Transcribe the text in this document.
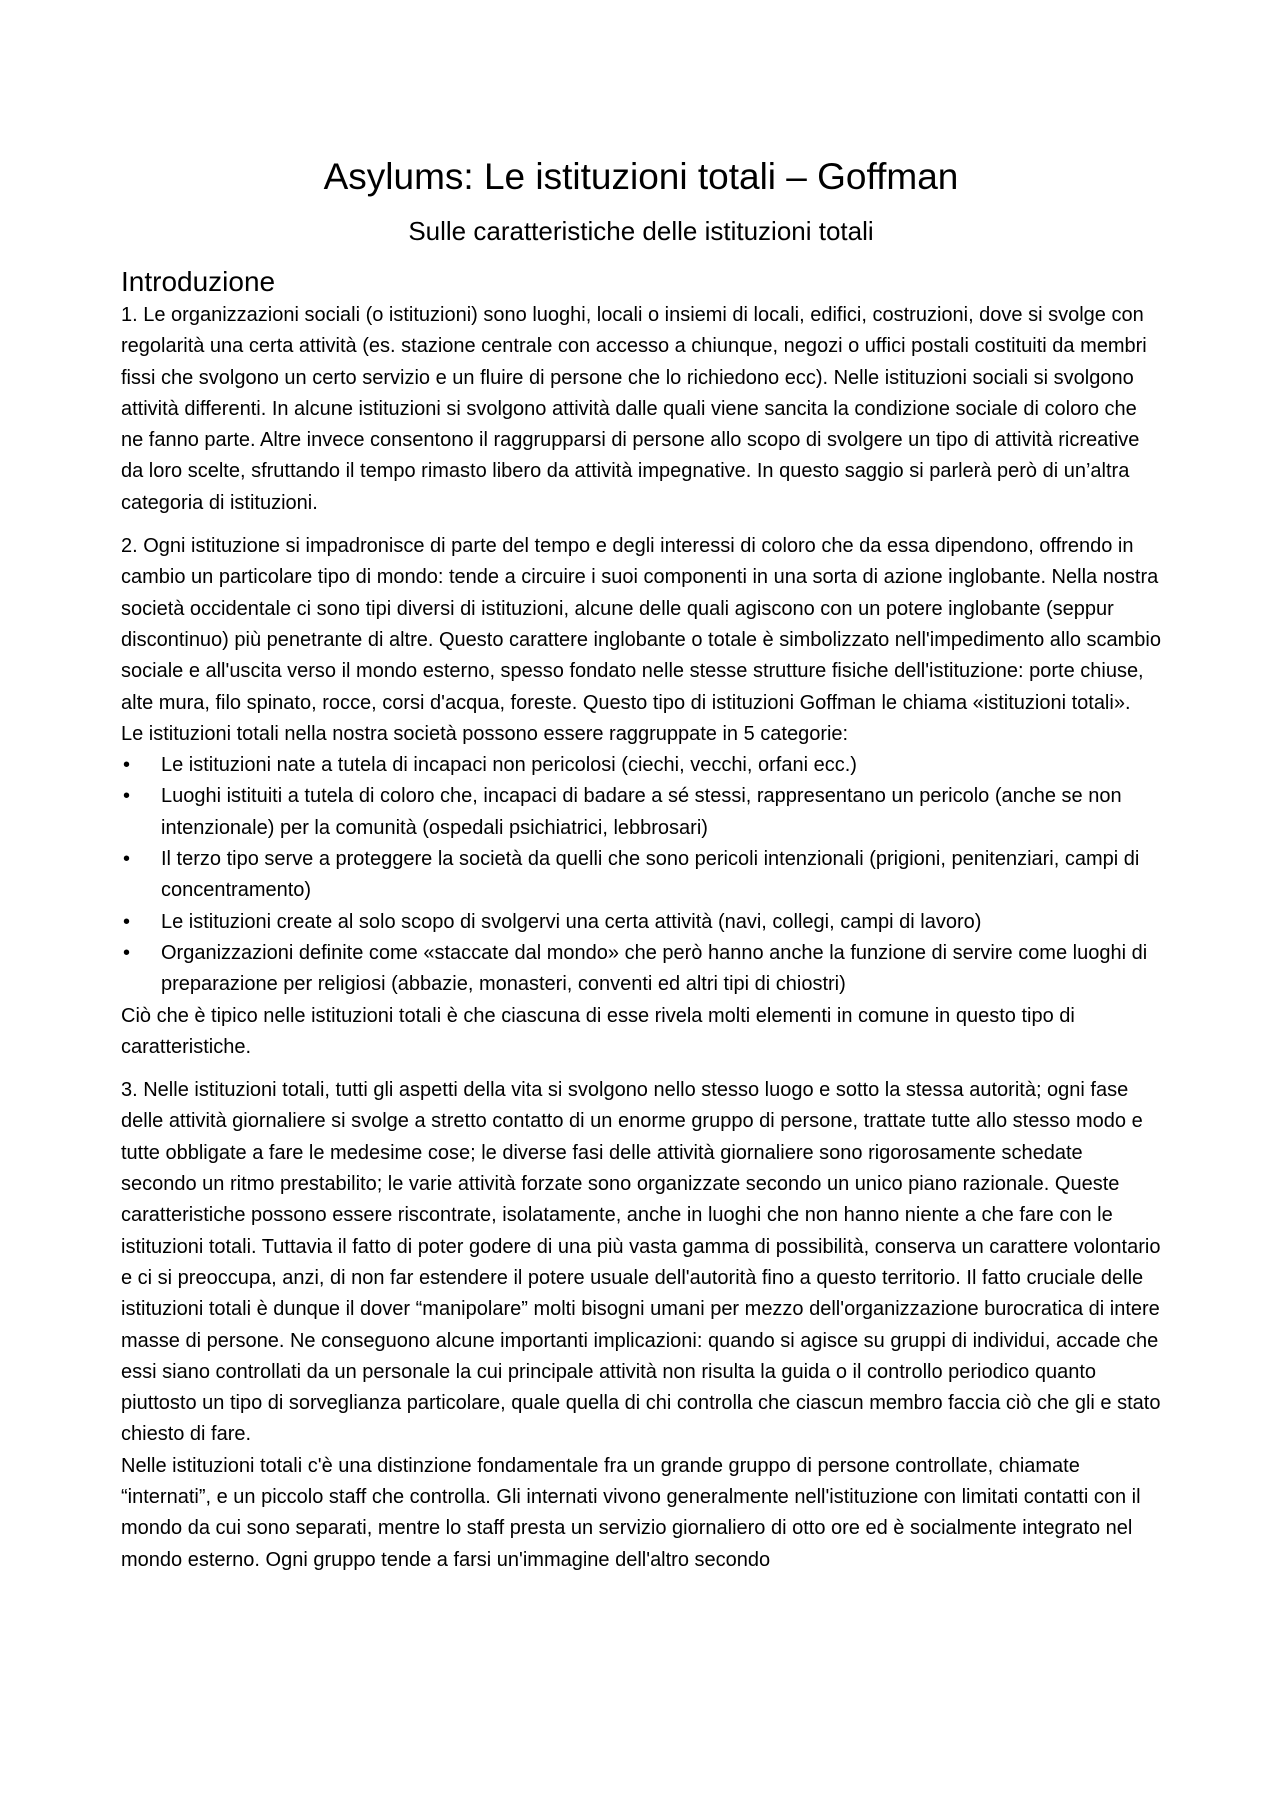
Asylums: Le istituzioni totali – Goffman
Sulle caratteristiche delle istituzioni totali
Introduzione

1. Le organizzazioni sociali (o istituzioni) sono luoghi, locali o insiemi di locali, edifici, costruzioni, dove si svolge con regolarità una certa attività (es. stazione centrale con accesso a chiunque, negozi o uffici postali costituiti da membri fissi che svolgono un certo servizio e un fluire di persone che lo richiedono ecc). Nelle istituzioni sociali si svolgono attività differenti. In alcune istituzioni si svolgono attività dalle quali viene sancita la condizione sociale di coloro che ne fanno parte. Altre invece consentono il raggrupparsi di persone allo scopo di svolgere un tipo di attività ricreative da loro scelte, sfruttando il tempo rimasto libero da attività impegnative. In questo saggio si parlerà però di un’altra categoria di istituzioni.

2. Ogni istituzione si impadronisce di parte del tempo e degli interessi di coloro che da essa dipendono, offrendo in cambio un particolare tipo di mondo: tende a circuire i suoi componenti in una sorta di azione inglobante. Nella nostra società occidentale ci sono tipi diversi di istituzioni, alcune delle quali agiscono con un potere inglobante (seppur discontinuo) più penetrante di altre. Questo carattere inglobante o totale è simbolizzato nell'impedimento allo scambio sociale e all'uscita verso il mondo esterno, spesso fondato nelle stesse strutture fisiche dell'istituzione: porte chiuse, alte mura, filo spinato, rocce, corsi d'acqua, foreste. Questo tipo di istituzioni Goffman le chiama «istituzioni totali».

Le istituzioni totali nella nostra società possono essere raggruppate in 5 categorie:

• Le istituzioni nate a tutela di incapaci non pericolosi (ciechi, vecchi, orfani ecc.)
• Luoghi istituiti a tutela di coloro che, incapaci di badare a sé stessi, rappresentano un pericolo (anche se non intenzionale) per la comunità (ospedali psichiatrici, lebbrosari)
• Il terzo tipo serve a proteggere la società da quelli che sono pericoli intenzionali (prigioni, penitenziari, campi di concentramento)
• Le istituzioni create al solo scopo di svolgervi una certa attività (navi, collegi, campi di lavoro)
• Organizzazioni definite come «staccate dal mondo» che però hanno anche la funzione di servire come luoghi di preparazione per religiosi (abbazie, monasteri, conventi ed altri tipi di chiostri)

Ciò che è tipico nelle istituzioni totali è che ciascuna di esse rivela molti elementi in comune in questo tipo di caratteristiche.

3. Nelle istituzioni totali, tutti gli aspetti della vita si svolgono nello stesso luogo e sotto la stessa autorità; ogni fase delle attività giornaliere si svolge a stretto contatto di un enorme gruppo di persone, trattate tutte allo stesso modo e tutte obbligate a fare le medesime cose; le diverse fasi delle attività giornaliere sono rigorosamente schedate secondo un ritmo prestabilito; le varie attività forzate sono organizzate secondo un unico piano razionale. Queste caratteristiche possono essere riscontrate, isolatamente, anche in luoghi che non hanno niente a che fare con le istituzioni totali. Tuttavia il fatto di poter godere di una più vasta gamma di possibilità, conserva un carattere volontario e ci si preoccupa, anzi, di non far estendere il potere usuale dell'autorità fino a questo territorio. Il fatto cruciale delle istituzioni totali è dunque il dover “manipolare” molti bisogni umani per mezzo dell'organizzazione burocratica di intere masse di persone. Ne conseguono alcune importanti implicazioni: quando si agisce su gruppi di individui, accade che essi siano controllati da un personale la cui principale attività non risulta la guida o il controllo periodico quanto piuttosto un tipo di sorveglianza particolare, quale quella di chi controlla che ciascun membro faccia ciò che gli e stato chiesto di fare.

Nelle istituzioni totali c'è una distinzione fondamentale fra un grande gruppo di persone controllate, chiamate “internati”, e un piccolo staff che controlla. Gli internati vivono generalmente nell'istituzione con limitati contatti con il mondo da cui sono separati, mentre lo staff presta un servizio giornaliero di otto ore ed è socialmente integrato nel mondo esterno. Ogni gruppo tende a farsi un'immagine dell'altro secondo
